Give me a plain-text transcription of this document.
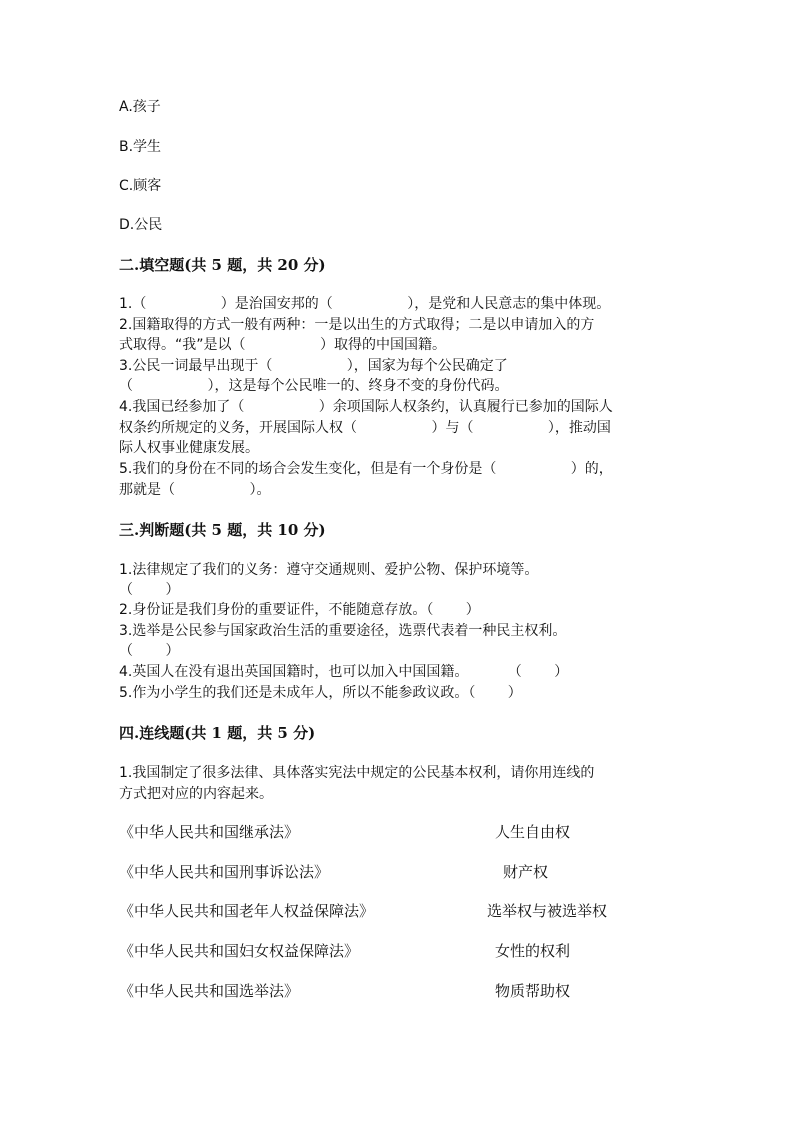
A.孩子
B.学生
C.顾客
D.公民
二.填空题(共 5 题，共 20 分)
1.（ 　　　　　）是治国安邦的（ 　　　　　），是党和人民意志的集中体现。
2.国籍取得的方式一般有两种：一是以出生的方式取得；二是以申请加入的方
式取得。“我”是以（ 　　　　　）取得的中国国籍。
3.公民一词最早出现于（ 　　　　　），国家为每个公民确定了
（ 　　　　　），这是每个公民唯一的、终身不变的身份代码。
4.我国已经参加了（ 　　　　　）余项国际人权条约，认真履行已参加的国际人
权条约所规定的义务，开展国际人权（ 　　　　　）与（ 　　　　　），推动国
际人权事业健康发展。
5.我们的身份在不同的场合会发生变化，但是有一个身份是（ 　　　　　）的，
那就是（ 　　　　　）。
三.判断题(共 5 题，共 10 分)
1.法律规定了我们的义务：遵守交通规则、爱护公物、保护环境等。
（ 　　）
2.身份证是我们身份的重要证件，不能随意存放。（ 　　）
3.选举是公民参与国家政治生活的重要途径，选票代表着一种民主权利。
（ 　　）
4.英国人在没有退出英国国籍时，也可以加入中国国籍。 　　　（ 　　）
5.作为小学生的我们还是未成年人，所以不能参政议政。（ 　　）
四.连线题(共 1 题，共 5 分)
1.我国制定了很多法律、具体落实宪法中规定的公民基本权利，请你用连线的
方式把对应的内容起来。
《中华人民共和国继承法》
《中华人民共和国刑事诉讼法》
《中华人民共和国老年人权益保障法》
《中华人民共和国妇女权益保障法》
《中华人民共和国选举法》
人生自由权
财产权
选举权与被选举权
女性的权利
物质帮助权
